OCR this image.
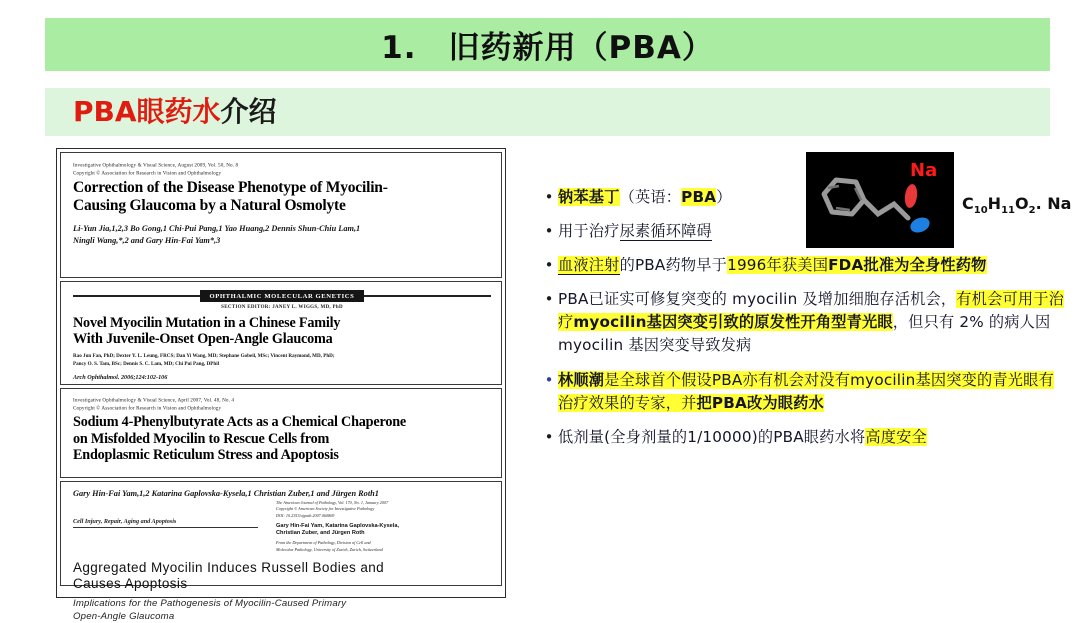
1.　旧药新用（PBA）
PBA眼药水介绍
Investigative Ophthalmology & Visual Science, August 2009, Vol. 50, No. 8
Copyright © Association for Research in Vision and Ophthalmology
Correction of the Disease Phenotype of Myocilin-
Causing Glaucoma by a Natural Osmolyte
Li-Yun Jia,1,2,3 Bo Gong,1 Chi-Pui Pang,1 Yao Huang,2 Dennis Shun-Chiu Lam,1
Ningli Wang,*,2 and Gary Hin-Fai Yam*,3
OPHTHALMIC MOLECULAR GENETICS
SECTION EDITOR: JANEY L. WIGGS, MD, PhD
Novel Myocilin Mutation in a Chinese Family
With Juvenile-Onset Open-Angle Glaucoma
Rao Jun Fan, PhD; Dexter Y. L. Leung, FRCS; Dan Yi Wang, MD; Stephane Gobeil, MSc; Vincent Raymond, MD, PhD;
Pancy O. S. Tam, BSc; Dennis S. C. Lam, MD; Chi Pui Pang, DPhil
Arch Ophthalmol. 2006;124:102-106
Investigative Ophthalmology & Visual Science, April 2007, Vol. 48, No. 4
Copyright © Association for Research in Vision and Ophthalmology
Sodium 4-Phenylbutyrate Acts as a Chemical Chaperone
on Misfolded Myocilin to Rescue Cells from
Endoplasmic Reticulum Stress and Apoptosis
Gary Hin-Fai Yam,1,2 Katarina Gaplovska-Kysela,1 Christian Zuber,1 and Jürgen Roth1
Cell Injury, Repair, Aging and Apoptosis
The American Journal of Pathology, Vol. 170, No. 1, January 2007
Copyright © American Society for Investigative Pathology
DOI: 10.2353/ajpath.2007.060869
Gary Hin-Fai Yam, Katarina Gaplovska-Kysela,
Christian Zuber, and Jürgen Roth
From the Department of Pathology, Division of Cell and
Molecular Pathology, University of Zurich, Zurich, Switzerland
Aggregated Myocilin Induces Russell Bodies and
Causes Apoptosis
Implications for the Pathogenesis of Myocilin-Caused Primary
Open-Angle Glaucoma
Na
$C_{10}H_{11}O_2$. Na
• 钠苯基丁（英语：PBA）
• 用于治疗尿素循环障碍
• 血液注射的PBA药物早于1996年获美国FDA批准为全身性药物
• PBA已证实可修复突变的 myocilin 及增加细胞存活机会，有机会可用于治疗myocilin基因突变引致的原发性开角型青光眼，但只有 2% 的病人因 myocilin 基因突变导致发病
• 林顺潮是全球首个假设PBA亦有机会对没有myocilin基因突变的青光眼有治疗效果的专家，并把PBA改为眼药水
• 低剂量(全身剂量的1/10000)的PBA眼药水将高度安全
